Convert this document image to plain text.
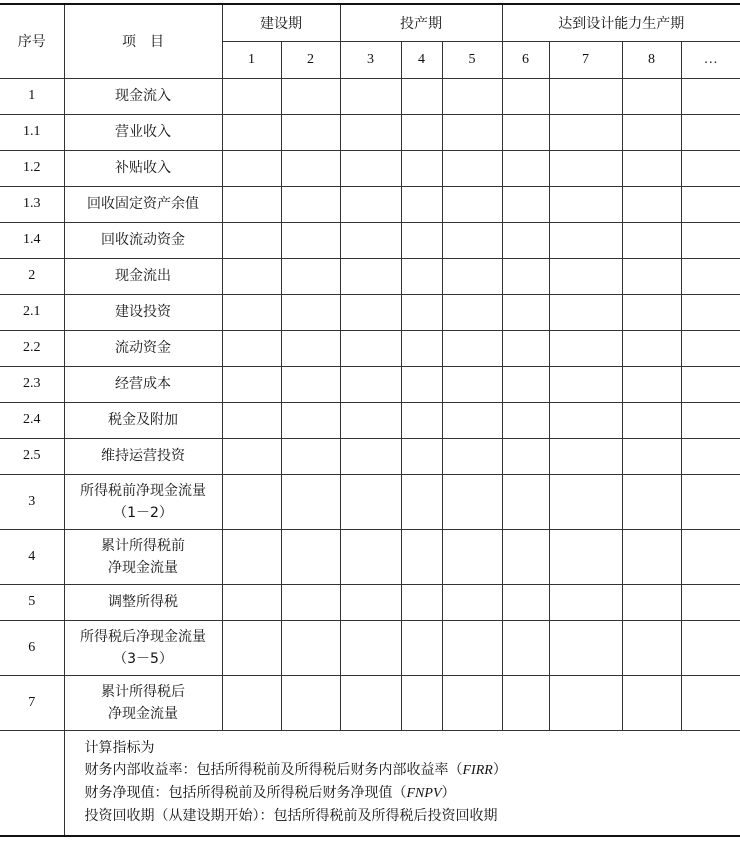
序号	项　目	建设期		投产期			达到设计能力生产期			
		1	2	3	4	5	6	7	8	…
1	现金流入									

1.1	营业收入									

1.2	补贴收入									

1.3	回收固定资产余值									

1.4	回收流动资金									

2	现金流出									

2.1	建设投资									

2.2	流动资金									

2.3	经营成本									

2.4	税金及附加									

2.5	维持运营投资									

3	所得税前净现金流量
（1－2）									

4	累计所得税前
净现金流量									

5	调整所得税									

6	所得税后净现金流量
（3－5）									

7	累计所得税后
净现金流量									

	计算指标为
财务内部收益率：包括所得税前及所得税后财务内部收益率（FIRR）
财务净现值：包括所得税前及所得税后财务净现值（FNPV）
投资回收期（从建设期开始）：包括所得税前及所得税后投资回收期									
